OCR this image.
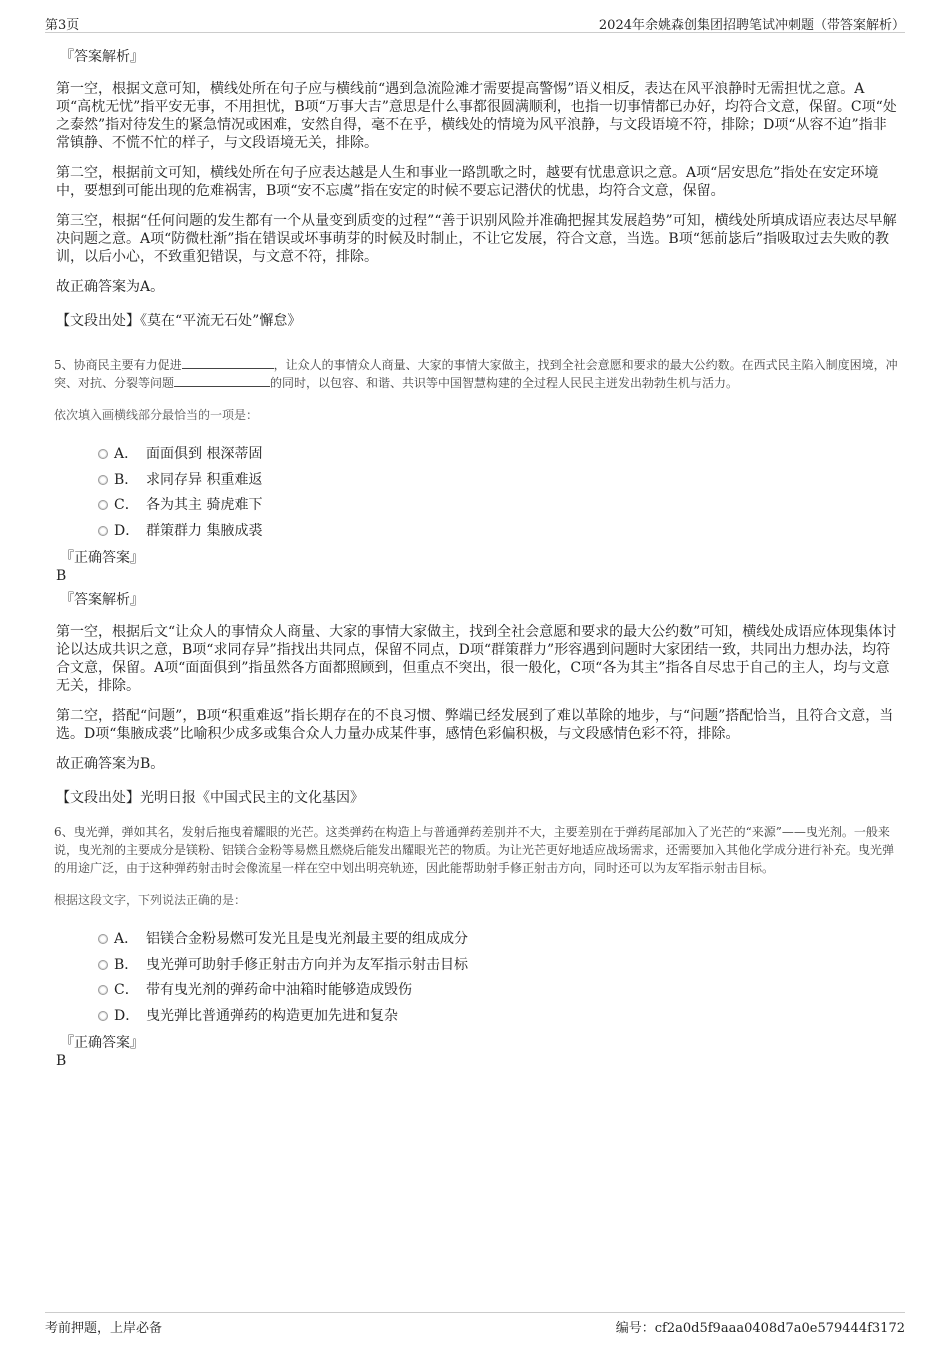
第3页	2024年余姚森创集团招聘笔试冲刺题（带答案解析）
『答案解析』

第一空，根据文意可知，横线处所在句子应与横线前“遇到急流险滩才需要提高警惕”语义相反，表达在风平浪静时无需担忧之意。A项“高枕无忧”指平安无事，不用担忧，B项“万事大吉”意思是什么事都很圆满顺利，也指一切事情都已办好，均符合文意，保留。C项“处之泰然”指对待发生的紧急情况或困难，安然自得，毫不在乎，横线处的情境为风平浪静，与文段语境不符，排除；D项“从容不迫”指非常镇静、不慌不忙的样子，与文段语境无关，排除。

第二空，根据前文可知，横线处所在句子应表达越是人生和事业一路凯歌之时，越要有忧患意识之意。A项“居安思危”指处在安定环境中，要想到可能出现的危难祸害，B项“安不忘虞”指在安定的时候不要忘记潜伏的忧患，均符合文意，保留。

第三空，根据“任何问题的发生都有一个从量变到质变的过程”“善于识别风险并准确把握其发展趋势”可知，横线处所填成语应表达尽早解决问题之意。A项“防微杜渐”指在错误或坏事萌芽的时候及时制止，不让它发展，符合文意，当选。B项“惩前毖后”指吸取过去失败的教训，以后小心，不致重犯错误，与文意不符，排除。

故正确答案为A。

【文段出处】《莫在“平流无石处”懈怠》
5、协商民主要有力促进	，让众人的事情众人商量、大家的事情大家做主，找到全社会意愿和要求的最大公约数。在西式民主陷入制度困境，冲突、对抗、分裂等问题	的同时，以包容、和谐、共识等中国智慧构建的全过程人民民主迸发出勃勃生机与活力。
依次填入画横线部分最恰当的一项是：
A． 面面俱到 根深蒂固
B． 求同存异 积重难返
C． 各为其主 骑虎难下
D． 群策群力 集腋成裘
『正确答案』
B
『答案解析』

第一空，根据后文“让众人的事情众人商量、大家的事情大家做主，找到全社会意愿和要求的最大公约数”可知，横线处成语应体现集体讨论以达成共识之意，B项“求同存异”指找出共同点，保留不同点，D项“群策群力”形容遇到问题时大家团结一致，共同出力想办法，均符合文意，保留。A项“面面俱到”指虽然各方面都照顾到，但重点不突出，很一般化，C项“各为其主”指各自尽忠于自己的主人，均与文意无关，排除。

第二空，搭配“问题”，B项“积重难返”指长期存在的不良习惯、弊端已经发展到了难以革除的地步，与“问题”搭配恰当，且符合文意，当选。D项“集腋成裘”比喻积少成多或集合众人力量办成某件事，感情色彩偏积极，与文段感情色彩不符，排除。

故正确答案为B。

【文段出处】光明日报《中国式民主的文化基因》
6、曳光弹，弹如其名，发射后拖曳着耀眼的光芒。这类弹药在构造上与普通弹药差别并不大，主要差别在于弹药尾部加入了光芒的“来源”——曳光剂。一般来说，曳光剂的主要成分是镁粉、铝镁合金粉等易燃且燃烧后能发出耀眼光芒的物质。为让光芒更好地适应战场需求，还需要加入其他化学成分进行补充。曳光弹的用途广泛，由于这种弹药射击时会像流星一样在空中划出明亮轨迹，因此能帮助射手修正射击方向，同时还可以为友军指示射击目标。
根据这段文字，下列说法正确的是：
A． 铝镁合金粉易燃可发光且是曳光剂最主要的组成成分
B． 曳光弹可助射手修正射击方向并为友军指示射击目标
C． 带有曳光剂的弹药命中油箱时能够造成毁伤
D． 曳光弹比普通弹药的构造更加先进和复杂
『正确答案』
B
考前押题，上岸必备	编号：cf2a0d5f9aaa0408d7a0e579444f3172
